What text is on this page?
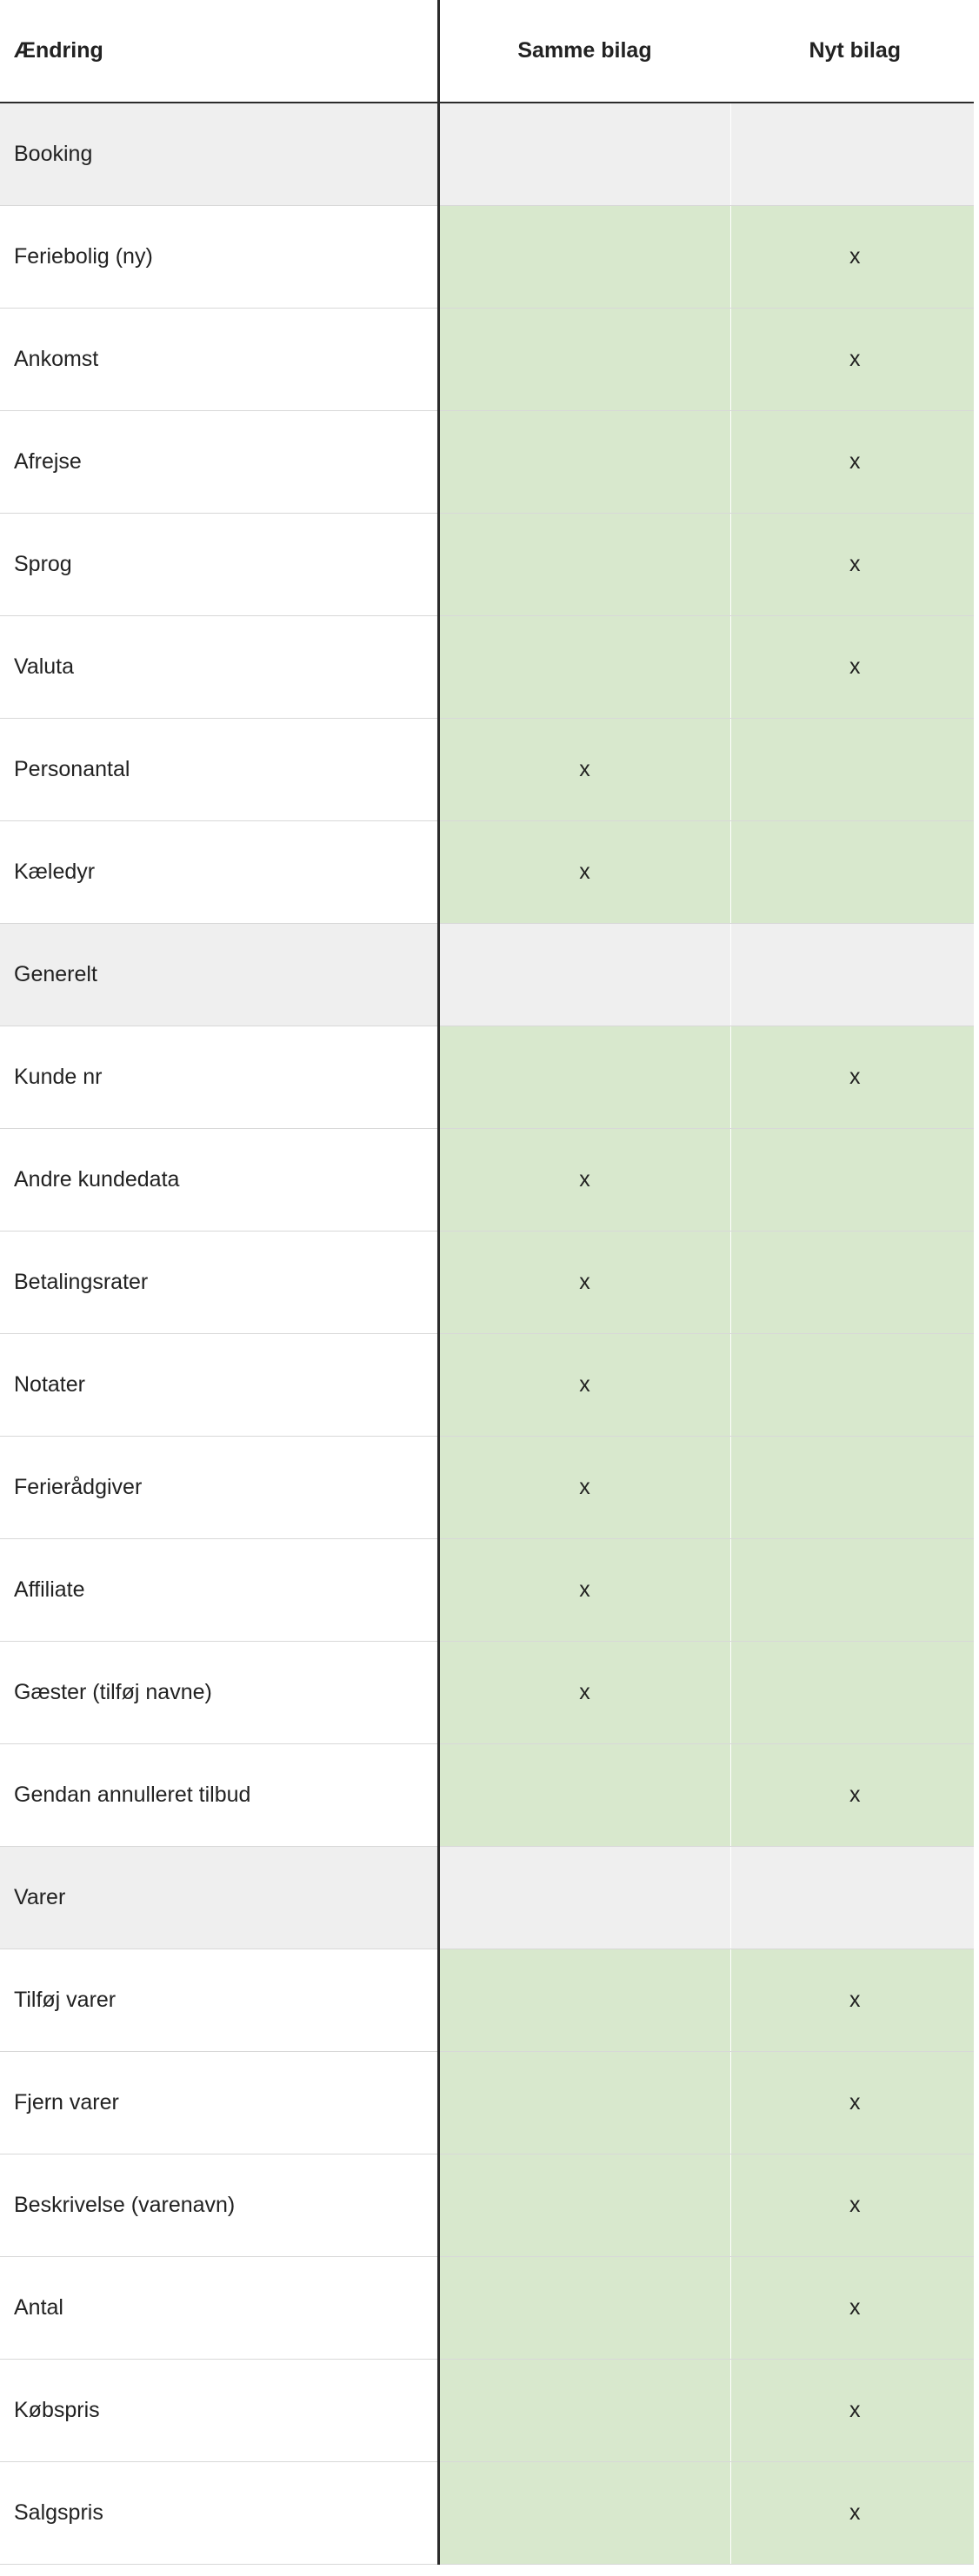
Ændring	Samme bilag	Nyt bilag
Booking		
Feriebolig (ny)		x
Ankomst		x
Afrejse		x
Sprog		x
Valuta		x
Personantal	x	
Kæledyr	x	
Generelt		
Kunde nr		x
Andre kundedata	x	
Betalingsrater	x	
Notater	x	
Ferierådgiver	x	
Affiliate	x	
Gæster (tilføj navne)	x	
Gendan annulleret tilbud		x
Varer		
Tilføj varer		x
Fjern varer		x
Beskrivelse (varenavn)		x
Antal		x
Købspris		x
Salgspris		x
